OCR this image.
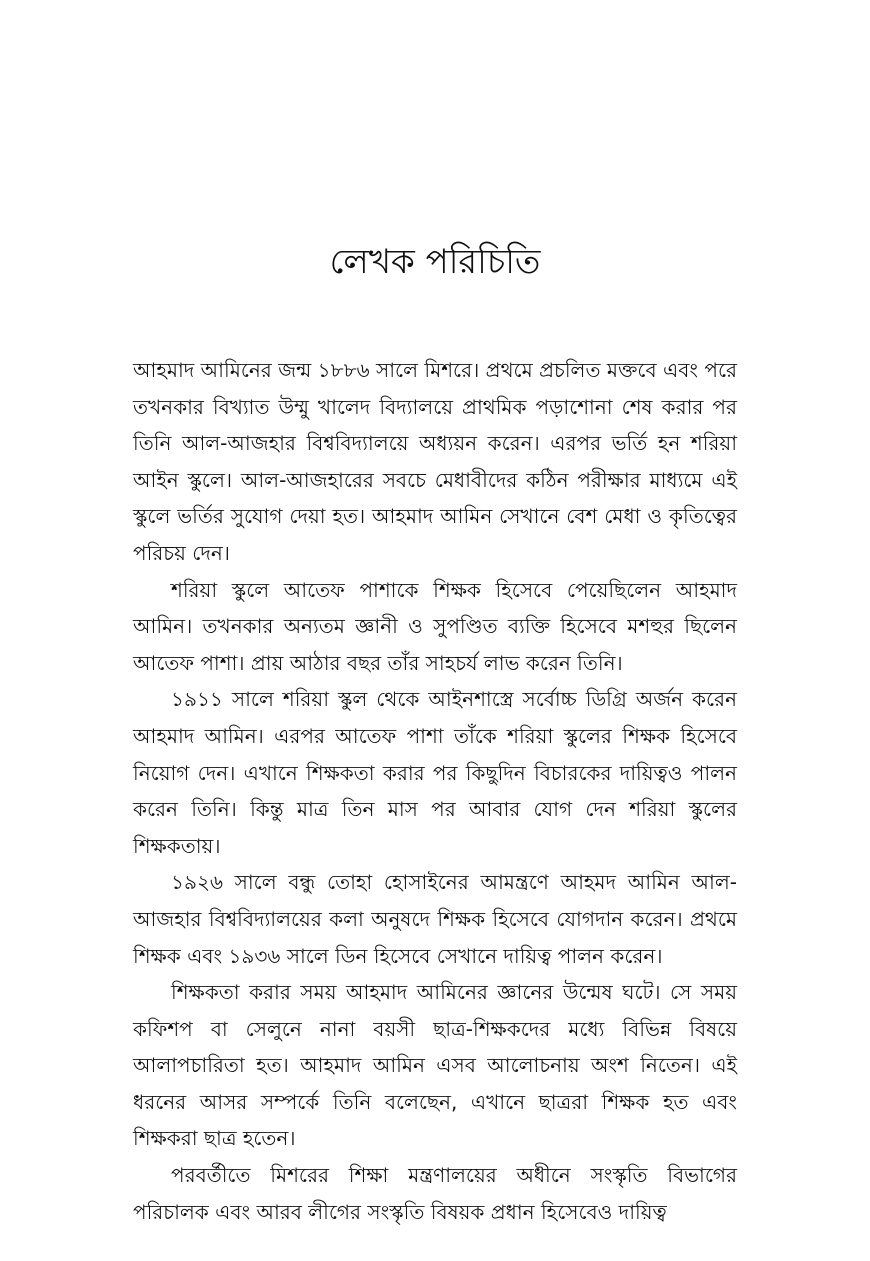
লেখক পরিচিতি

আহমাদ আমিনের জন্ম ১৮৮৬ সালে মিশরে। প্রথমে প্রচলিত মক্তবে এবং পরে তখনকার বিখ্যাত উম্মু খালেদ বিদ্যালয়ে প্রাথমিক পড়াশোনা শেষ করার পর তিনি আল-আজহার বিশ্ববিদ্যালয়ে অধ্যয়ন করেন। এরপর ভর্তি হন শরিয়া আইন স্কুলে। আল-আজহারের সবচে মেধাবীদের কঠিন পরীক্ষার মাধ্যমে এই স্কুলে ভর্তির সুযোগ দেয়া হত। আহমাদ আমিন সেখানে বেশ মেধা ও কৃতিত্বের পরিচয় দেন।

শরিয়া স্কুলে আতেফ পাশাকে শিক্ষক হিসেবে পেয়েছিলেন আহমাদ আমিন। তখনকার অন্যতম জ্ঞানী ও সুপণ্ডিত ব্যক্তি হিসেবে মশহুর ছিলেন আতেফ পাশা। প্রায় আঠার বছর তাঁর সাহচর্য লাভ করেন তিনি।

১৯১১ সালে শরিয়া স্কুল থেকে আইনশাস্ত্রে সর্বোচ্চ ডিগ্রি অর্জন করেন আহমাদ আমিন। এরপর আতেফ পাশা তাঁকে শরিয়া স্কুলের শিক্ষক হিসেবে নিয়োগ দেন। এখানে শিক্ষকতা করার পর কিছুদিন বিচারকের দায়িত্বও পালন করেন তিনি। কিন্তু মাত্র তিন মাস পর আবার যোগ দেন শরিয়া স্কুলের শিক্ষকতায়।

১৯২৬ সালে বন্ধু তোহা হোসাইনের আমন্ত্রণে আহমদ আমিন আল-আজহার বিশ্ববিদ্যালয়ের কলা অনুষদে শিক্ষক হিসেবে যোগদান করেন। প্রথমে শিক্ষক এবং ১৯৩৬ সালে ডিন হিসেবে সেখানে দায়িত্ব পালন করেন।

শিক্ষকতা করার সময় আহমাদ আমিনের জ্ঞানের উন্মেষ ঘটে। সে সময় কফিশপ বা সেলুনে নানা বয়সী ছাত্র-শিক্ষকদের মধ্যে বিভিন্ন বিষয়ে আলাপচারিতা হত। আহমাদ আমিন এসব আলোচনায় অংশ নিতেন। এই ধরনের আসর সম্পর্কে তিনি বলেছেন, এখানে ছাত্ররা শিক্ষক হত এবং শিক্ষকরা ছাত্র হতেন।

পরবর্তীতে মিশরের শিক্ষা মন্ত্রণালয়ের অধীনে সংস্কৃতি বিভাগের পরিচালক এবং আরব লীগের সংস্কৃতি বিষয়ক প্রধান হিসেবেও দায়িত্ব
